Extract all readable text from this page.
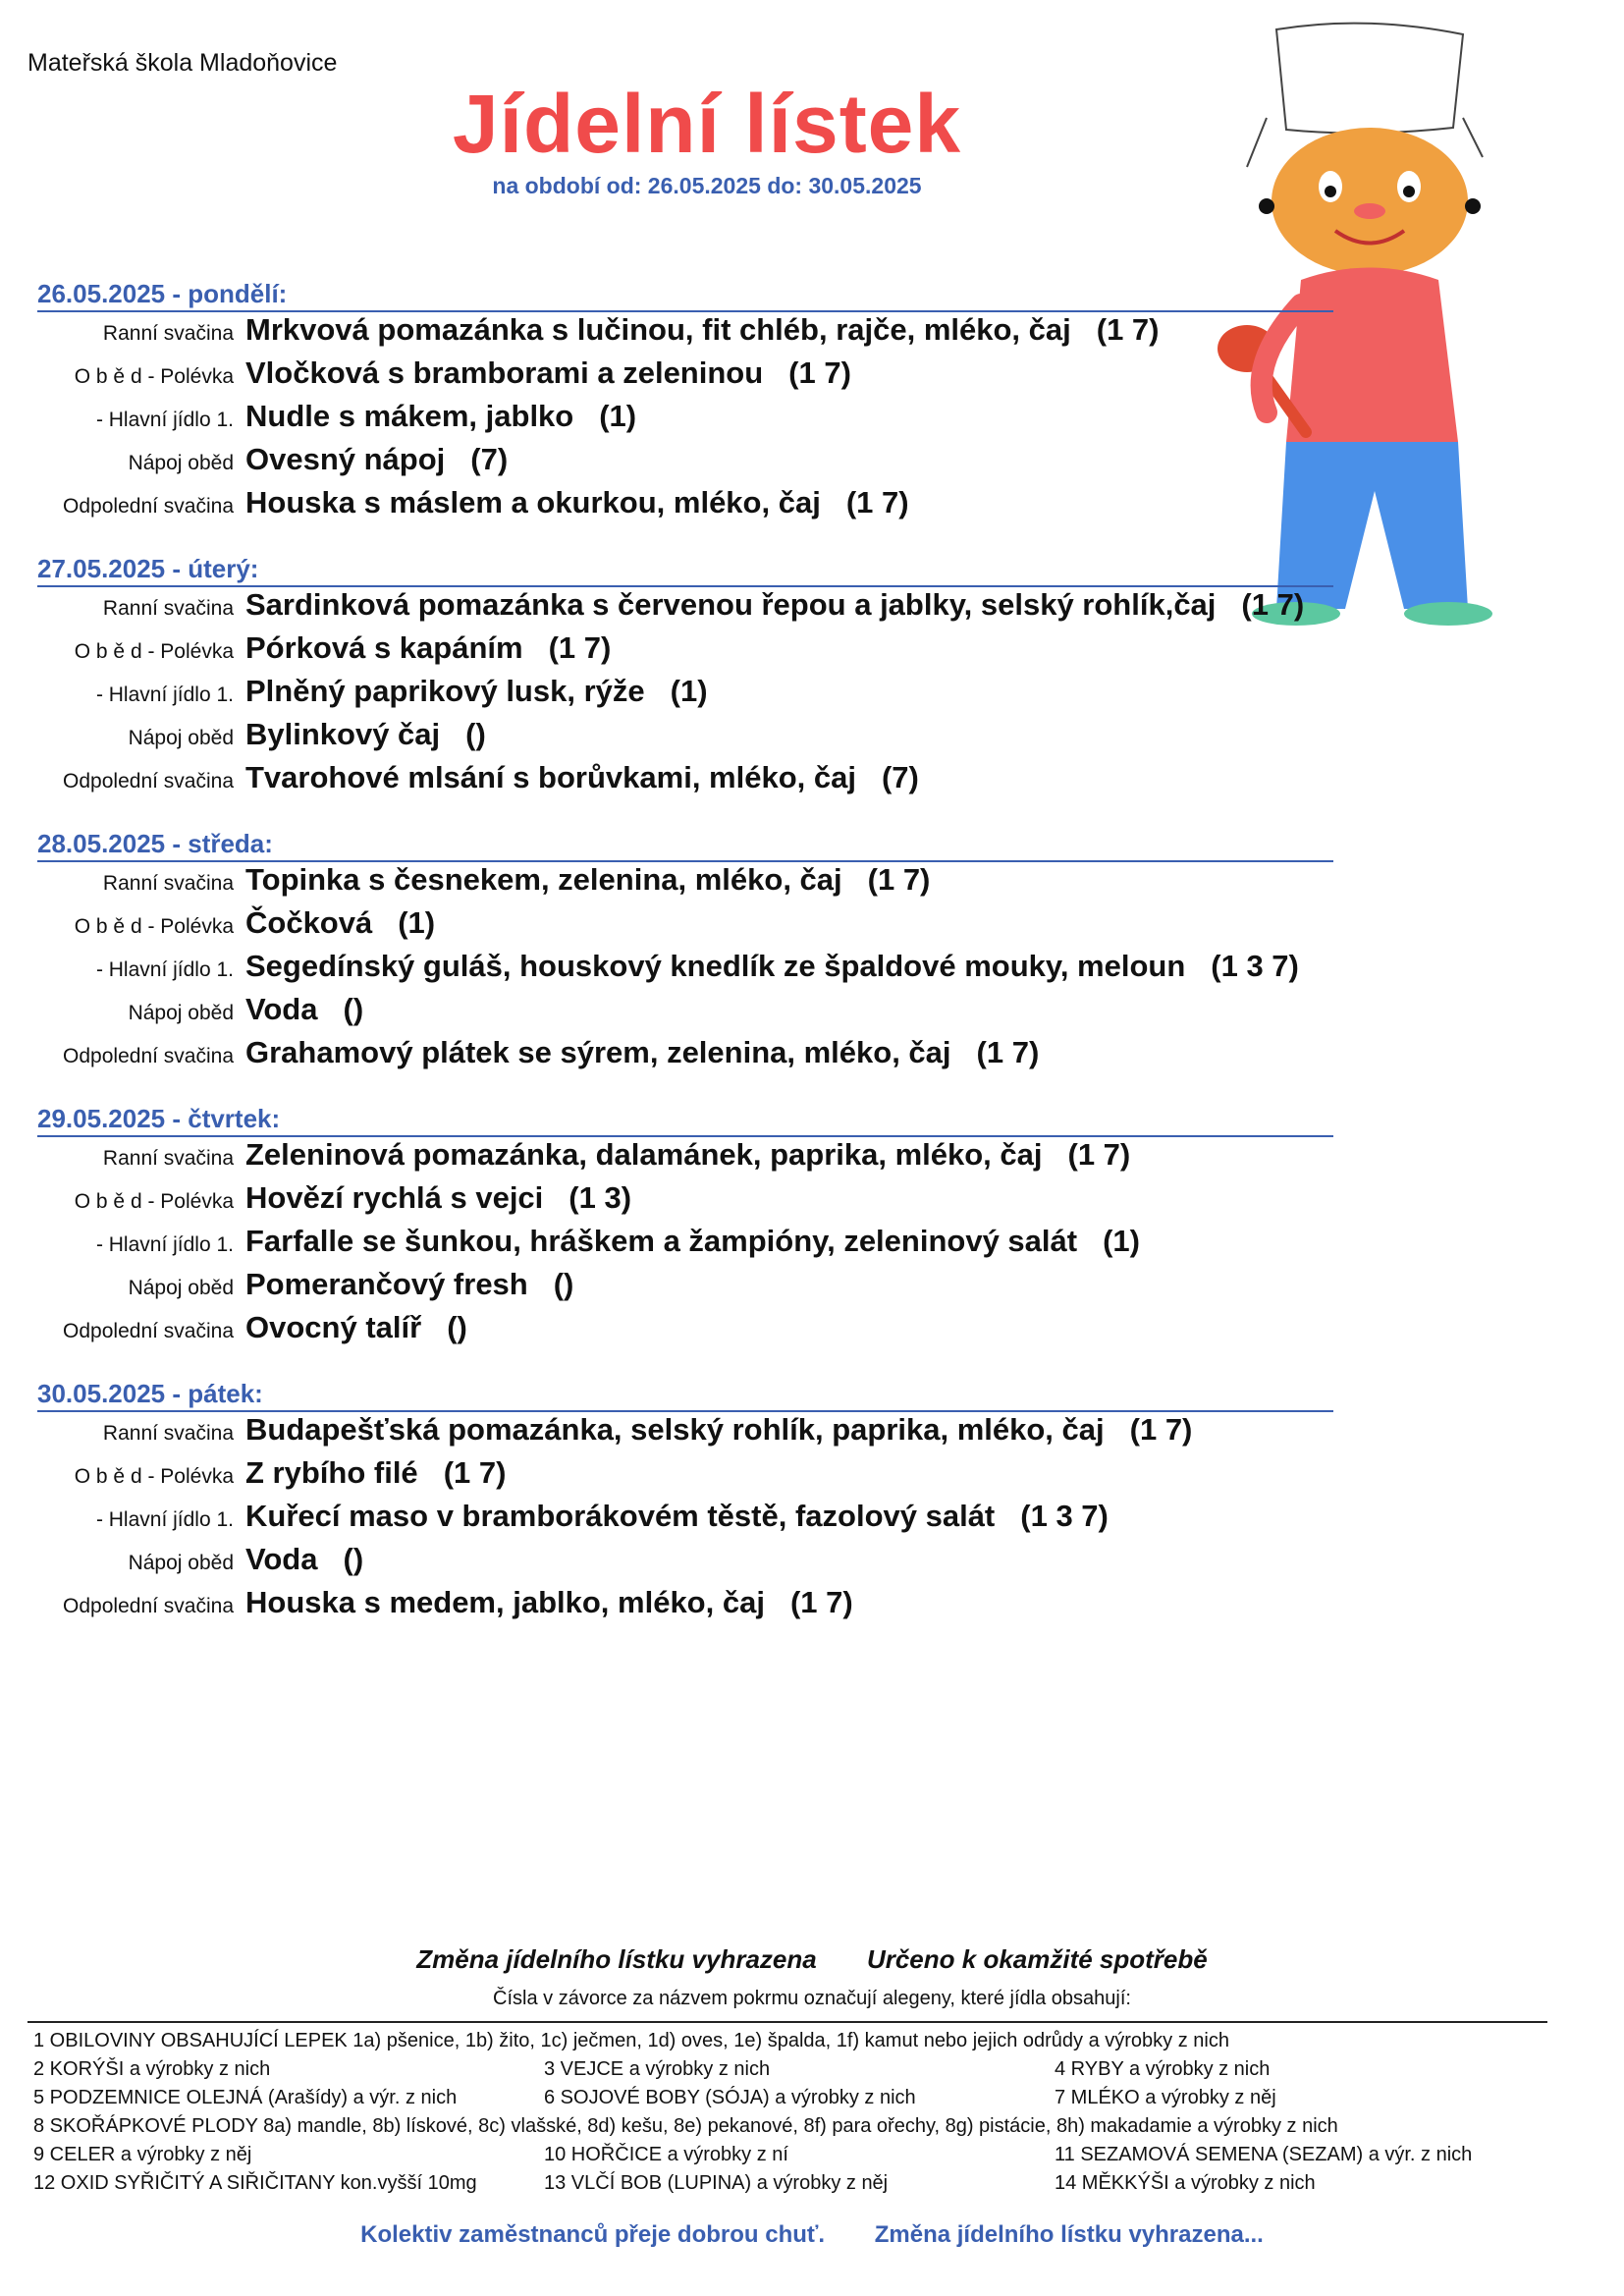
Mateřská škola Mladoňovice
Jídelní lístek
na období od: 26.05.2025 do: 30.05.2025
26.05.2025 - pondělí:
Ranní svačina Mrkvová pomazánka s lučinou, fit chléb, rajče, mléko, čaj (1 7)
O b ě d - Polévka Vločková s bramborami a zeleninou (1 7)
- Hlavní jídlo 1. Nudle s mákem, jablko (1)
Nápoj oběd Ovesný nápoj (7)
Odpolední svačina Houska s máslem a okurkou, mléko, čaj (1 7)
27.05.2025 - úterý:
Ranní svačina Sardinková pomazánka s červenou řepou a jablky, selský rohlík,čaj (1 7)
O b ě d - Polévka Pórková s kapáním (1 7)
- Hlavní jídlo 1. Plněný paprikový lusk, rýže (1)
Nápoj oběd Bylinkový čaj ()
Odpolední svačina Tvarohové mlsání s borůvkami, mléko, čaj (7)
28.05.2025 - středa:
Ranní svačina Topinka s česnekem, zelenina, mléko, čaj (1 7)
O b ě d - Polévka Čočková (1)
- Hlavní jídlo 1. Segedínský guláš, houskový knedlík ze špaldové mouky, meloun (1 3 7)
Nápoj oběd Voda ()
Odpolední svačina Grahamový plátek se sýrem, zelenina, mléko, čaj (1 7)
29.05.2025 - čtvrtek:
Ranní svačina Zeleninová pomazánka, dalamánek, paprika, mléko, čaj (1 7)
O b ě d - Polévka Hovězí rychlá s vejci (1 3)
- Hlavní jídlo 1. Farfalle se šunkou, hráškem a žampióny, zeleninový salát (1)
Nápoj oběd Pomerančový fresh ()
Odpolední svačina Ovocný talíř ()
30.05.2025 - pátek:
Ranní svačina Budapešťská pomazánka, selský rohlík, paprika, mléko, čaj (1 7)
O b ě d - Polévka Z rybího filé (1 7)
- Hlavní jídlo 1. Kuřecí maso v bramborákovém těstě, fazolový salát (1 3 7)
Nápoj oběd Voda ()
Odpolední svačina Houska s medem, jablko, mléko, čaj (1 7)
Změna jídelního lístku vyhrazena Určeno k okamžité spotřebě
Čísla v závorce za názvem pokrmu označují alegeny, které jídla obsahují:
1 OBILOVINY OBSAHUJÍCÍ LEPEK 1a) pšenice, 1b) žito, 1c) ječmen, 1d) oves, 1e) špalda, 1f) kamut nebo jejich odrůdy a výrobky z nich
2 KORÝŠI a výrobky z nich	3 VEJCE a výrobky z nich	4 RYBY a výrobky z nich
5 PODZEMNICE OLEJNÁ (Arašídy) a výr. z nich	6 SOJOVÉ BOBY (SÓJA) a výrobky z nich	7 MLÉKO a výrobky z něj
8 SKOŘÁPKOVÉ PLODY 8a) mandle, 8b) lískové, 8c) vlašské, 8d) kešu, 8e) pekanové, 8f) para ořechy, 8g) pistácie, 8h) makadamie a výrobky z nich
9 CELER a výrobky z něj	10 HOŘČICE a výrobky z ní	11 SEZAMOVÁ SEMENA (SEZAM) a výr. z nich
12 OXID SYŘIČITÝ A SIŘIČITANY kon.vyšší 10mg	13 VLČÍ BOB (LUPINA) a výrobky z něj	14 MĚKKÝŠI a výrobky z nich
Kolektiv zaměstnanců přeje dobrou chuť. Změna jídelního lístku vyhrazena...
